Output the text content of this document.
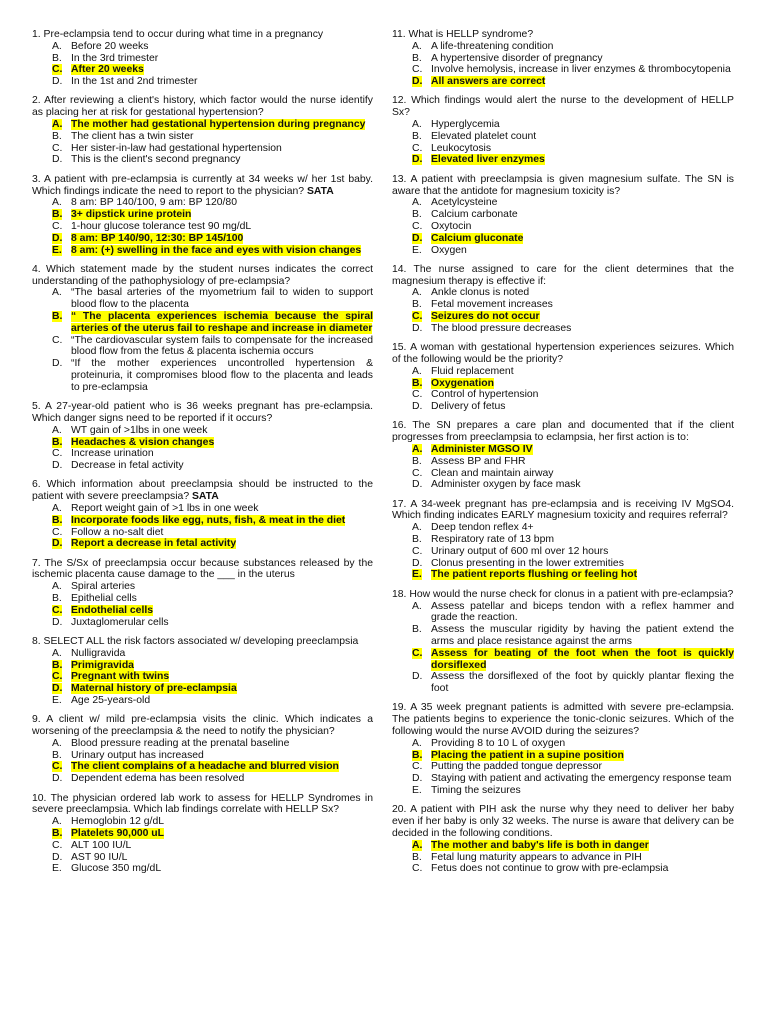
1. Pre-eclampsia tend to occur during what time in a pregnancy
A. Before 20 weeks
B. In the 3rd trimester
C. After 20 weeks
D. In the 1st and 2nd trimester
2. After reviewing a client's history, which factor would the nurse identify as placing her at risk for gestational hypertension?
A. The mother had gestational hypertension during pregnancy
B. The client has a twin sister
C. Her sister-in-law had gestational hypertension
D. This is the client's second pregnancy
3. A patient with pre-eclampsia is currently at 34 weeks w/ her 1st baby. Which findings indicate the need to report to the physician? SATA
A. 8 am: BP 140/100, 9 am: BP 120/80
B. 3+ dipstick urine protein
C. 1-hour glucose tolerance test 90 mg/dL
D. 8 am: BP 140/90, 12:30: BP 145/100
E. 8 am: (+) swelling in the face and eyes with vision changes
4. Which statement made by the student nurses indicates the correct understanding of the pathophysiology of pre-eclampsia?
A. “The basal arteries of the myometrium fail to widen to support blood flow to the placenta
B. “ The placenta experiences ischemia because the spiral arteries of the uterus fail to reshape and increase in diameter
C. “The cardiovascular system fails to compensate for the increased blood flow from the fetus & placenta ischemia occurs
D. “If the mother experiences uncontrolled hypertension & proteinuria, it compromises blood flow to the placenta and leads to pre-eclampsia
5. A 27-year-old patient who is 36 weeks pregnant has pre-eclampsia. Which danger signs need to be reported if it occurs?
A. WT gain of >1lbs in one week
B. Headaches & vision changes
C. Increase urination
D. Decrease in fetal activity
6. Which information about preeclampsia should be instructed to the patient with severe preeclampsia? SATA
A. Report weight gain of >1 lbs in one week
B. Incorporate foods like egg, nuts, fish, & meat in the diet
C. Follow a no-salt diet
D. Report a decrease in fetal activity
7. The S/Sx of preeclampsia occur because substances released by the ischemic placenta cause damage to the ___ in the uterus
A. Spiral arteries
B. Epithelial cells
C. Endothelial cells
D. Juxtaglomerular cells
8. SELECT ALL the risk factors associated w/ developing preeclampsia
A. Nulligravida
B. Primigravida
C. Pregnant with twins
D. Maternal history of pre-eclampsia
E. Age 25-years-old
9. A client w/ mild pre-eclampsia visits the clinic. Which indicates a worsening of the preeclampsia & the need to notify the physician?
A. Blood pressure reading at the prenatal baseline
B. Urinary output has increased
C. The client complains of a headache and blurred vision
D. Dependent edema has been resolved
10. The physician ordered lab work to assess for HELLP Syndromes in severe preeclampsia. Which lab findings correlate with HELLP Sx?
A. Hemoglobin 12 g/dL
B. Platelets 90,000 uL
C. ALT 100 IU/L
D. AST 90 IU/L
E. Glucose 350 mg/dL
11. What is HELLP syndrome?
A. A life-threatening condition
B. A hypertensive disorder of pregnancy
C. Involve hemolysis, increase in liver enzymes & thrombocytopenia
D. All answers are correct
12. Which findings would alert the nurse to the development of HELLP Sx?
A. Hyperglycemia
B. Elevated platelet count
C. Leukocytosis
D. Elevated liver enzymes
13. A patient with preeclampsia is given magnesium sulfate. The SN is aware that the antidote for magnesium toxicity is?
A. Acetylcysteine
B. Calcium carbonate
C. Oxytocin
D. Calcium gluconate
E. Oxygen
14. The nurse assigned to care for the client determines that the magnesium therapy is effective if:
A. Ankle clonus is noted
B. Fetal movement increases
C. Seizures do not occur
D. The blood pressure decreases
15. A woman with gestational hypertension experiences seizures. Which of the following would be the priority?
A. Fluid replacement
B. Oxygenation
C. Control of hypertension
D. Delivery of fetus
16. The SN prepares a care plan and documented that if the client progresses from preeclampsia to eclampsia, her first action is to:
A. Administer MGSO IV
B. Assess BP and FHR
C. Clean and maintain airway
D. Administer oxygen by face mask
17. A 34-week pregnant has pre-eclampsia and is receiving IV MgSO4. Which finding indicates EARLY magnesium toxicity and requires referral?
A. Deep tendon reflex 4+
B. Respiratory rate of 13 bpm
C. Urinary output of 600 ml over 12 hours
D. Clonus presenting in the lower extremities
E. The patient reports flushing or feeling hot
18. How would the nurse check for clonus in a patient with pre-eclampsia?
A. Assess patellar and biceps tendon with a reflex hammer and grade the reaction.
B. Assess the muscular rigidity by having the patient extend the arms and place resistance against the arms
C. Assess for beating of the foot when the foot is quickly dorsiflexed
D. Assess the dorsiflexed of the foot by quickly plantar flexing the foot
19. A 35 week pregnant patients is admitted with severe pre-eclampsia. The patients begins to experience the tonic-clonic seizures. Which of the following would the nurse AVOID during the seizures?
A. Providing 8 to 10 L of oxygen
B. Placing the patient in a supine position
C. Putting the padded tongue depressor
D. Staying with patient and activating the emergency response team
E. Timing the seizures
20. A patient with PIH ask the nurse why they need to deliver her baby even if her baby is only 32 weeks. The nurse is aware that delivery can be decided in the following conditions.
A. The mother and baby's life is both in danger
B. Fetal lung maturity appears to advance in PIH
C. Fetus does not continue to grow with pre-eclampsia
